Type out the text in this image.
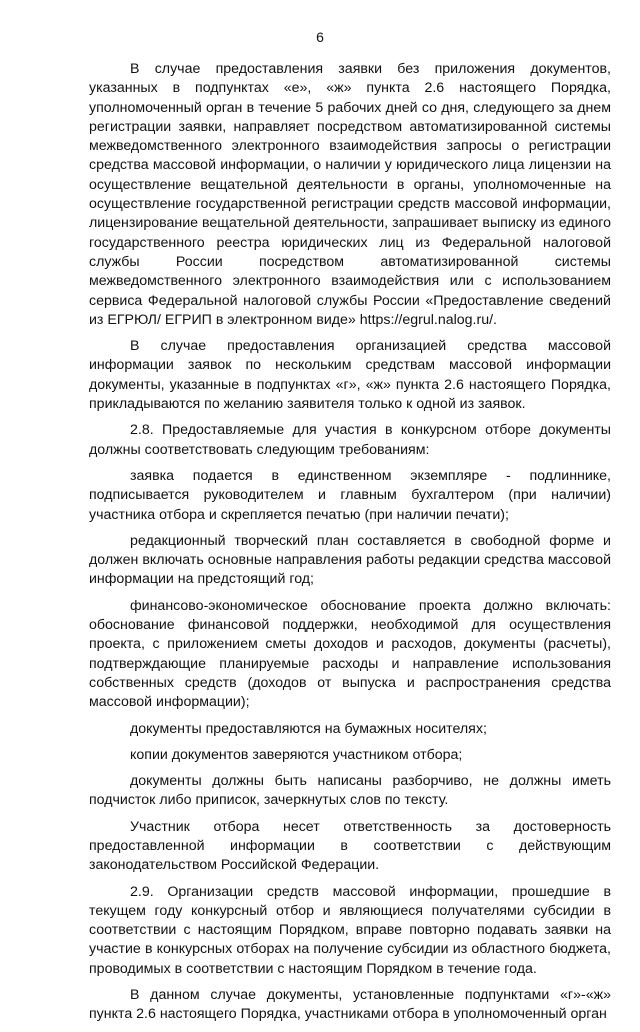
6

В случае предоставления заявки без приложения документов, указанных в подпунктах «е», «ж» пункта 2.6 настоящего Порядка, уполномоченный орган в течение 5 рабочих дней со дня, следующего за днем регистрации заявки, направляет посредством автоматизированной системы межведомственного электронного взаимодействия запросы о регистрации средства массовой информации, о наличии у юридического лица лицензии на осуществление вещательной деятельности в органы, уполномоченные на осуществление государственной регистрации средств массовой информации, лицензирование вещательной деятельности, запрашивает выписку из единого государственного реестра юридических лиц из Федеральной налоговой службы России посредством автоматизированной системы межведомственного электронного взаимодействия или с использованием сервиса Федеральной налоговой службы России «Предоставление сведений из ЕГРЮЛ/ ЕГРИП в электронном виде» https://egrul.nalog.ru/.

В случае предоставления организацией средства массовой информации заявок по нескольким средствам массовой информации документы, указанные в подпунктах «г», «ж» пункта 2.6 настоящего Порядка, прикладываются по желанию заявителя только к одной из заявок.

2.8. Предоставляемые для участия в конкурсном отборе документы должны соответствовать следующим требованиям:

заявка подается в единственном экземпляре - подлиннике, подписывается руководителем и главным бухгалтером (при наличии) участника отбора и скрепляется печатью (при наличии печати);

редакционный творческий план составляется в свободной форме и должен включать основные направления работы редакции средства массовой информации на предстоящий год;

финансово-экономическое обоснование проекта должно включать: обоснование финансовой поддержки, необходимой для осуществления проекта, с приложением сметы доходов и расходов, документы (расчеты), подтверждающие планируемые расходы и направление использования собственных средств (доходов от выпуска и распространения средства массовой информации);

документы предоставляются на бумажных носителях;

копии документов заверяются участником отбора;

документы должны быть написаны разборчиво, не должны иметь подчисток либо приписок, зачеркнутых слов по тексту.

Участник отбора несет ответственность за достоверность предоставленной информации в соответствии с действующим законодательством Российской Федерации.

2.9. Организации средств массовой информации, прошедшие в текущем году конкурсный отбор и являющиеся получателями субсидии в соответствии с настоящим Порядком, вправе повторно подавать заявки на участие в конкурсных отборах на получение субсидии из областного бюджета, проводимых в соответствии с настоящим Порядком в течение года.

В данном случае документы, установленные подпунктами «г»-«ж» пункта 2.6 настоящего Порядка, участниками отбора в уполномоченный орган
